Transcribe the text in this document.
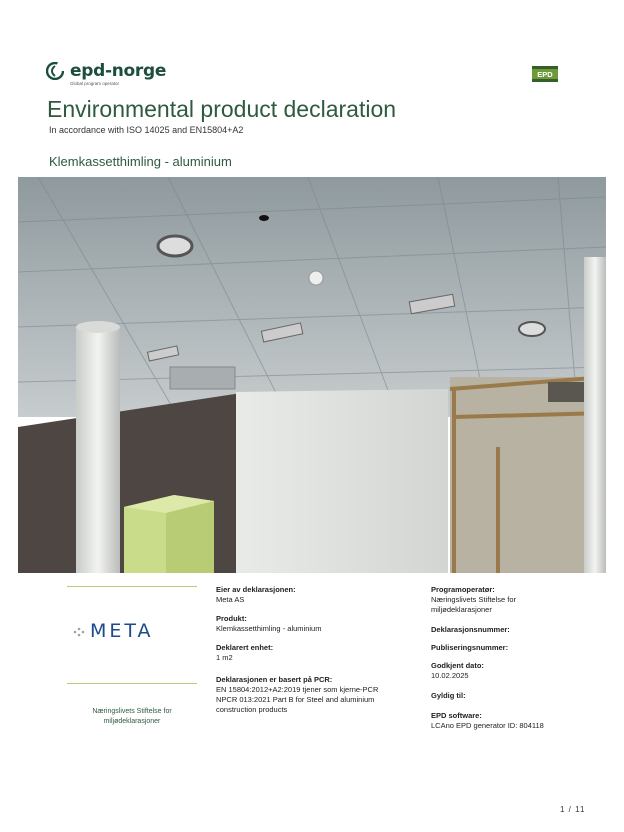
epd-norge
Global program operator
EPD
Environmental product declaration
In accordance with ISO 14025 and EN15804+A2
Klemkassetthimling - aluminium
META
Næringslivets Stiftelse for
miljødeklarasjoner
Eier av deklarasjonen:
Meta AS
Produkt:
Klemkassetthimling - aluminium
Deklarert enhet:
1 m2
Deklarasjonen er basert på PCR:
EN 15804:2012+A2:2019 tjener som kjerne-PCR
NPCR 013:2021 Part B for Steel and aluminium
construction products
Programoperatør:
Næringslivets Stiftelse for
miljødeklarasjoner
Deklarasjonsnummer:
Publiseringsnummer:
Godkjent dato:
10.02.2025
Gyldig til:
EPD software:
LCAno EPD generator ID: 804118
1 / 11
